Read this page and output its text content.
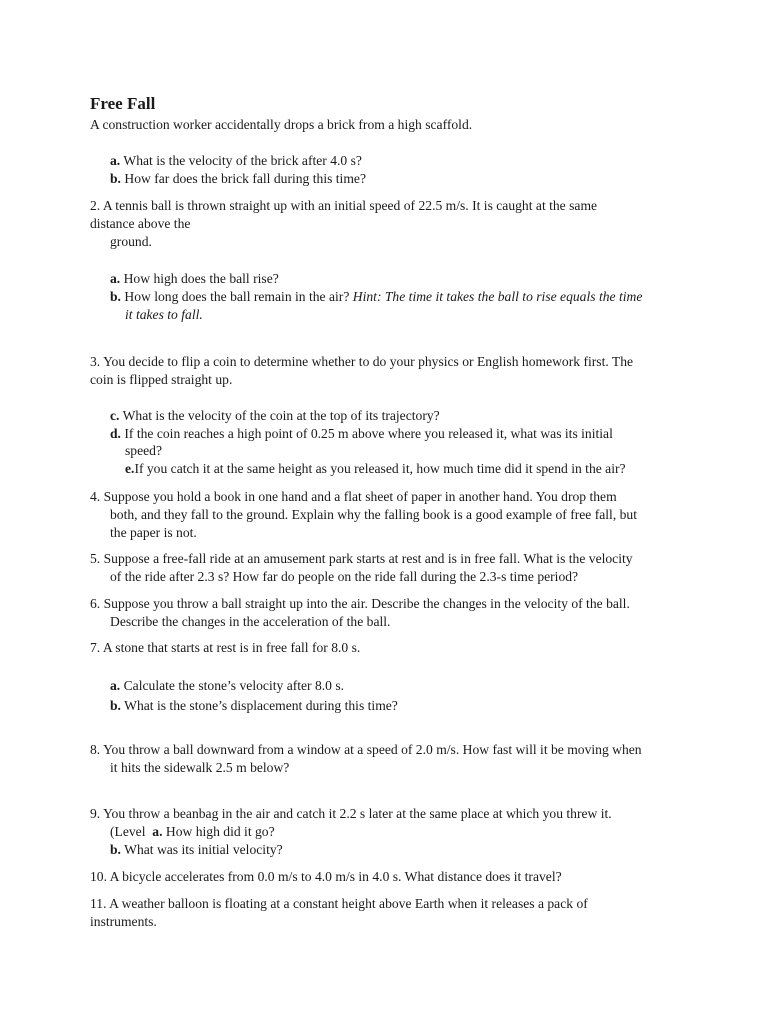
Free Fall
A construction worker accidentally drops a brick from a high scaffold.
a. What is the velocity of the brick after 4.0 s?
b. How far does the brick fall during this time?
2. A tennis ball is thrown straight up with an initial speed of 22.5 m/s. It is caught at the same
distance above the
ground.
a. How high does the ball rise?
b. How long does the ball remain in the air? Hint: The time it takes the ball to rise equals the time
it takes to fall.
3. You decide to flip a coin to determine whether to do your physics or English homework first. The
coin is flipped straight up.
c. What is the velocity of the coin at the top of its trajectory?
d. If the coin reaches a high point of 0.25 m above where you released it, what was its initial
speed?
e.If you catch it at the same height as you released it, how much time did it spend in the air?
4. Suppose you hold a book in one hand and a flat sheet of paper in another hand. You drop them
both, and they fall to the ground. Explain why the falling book is a good example of free fall, but
the paper is not.
5. Suppose a free-fall ride at an amusement park starts at rest and is in free fall. What is the velocity
of the ride after 2.3 s? How far do people on the ride fall during the 2.3-s time period?
6. Suppose you throw a ball straight up into the air. Describe the changes in the velocity of the ball.
Describe the changes in the acceleration of the ball.
7. A stone that starts at rest is in free fall for 8.0 s.
a. Calculate the stone’s velocity after 8.0 s.
b. What is the stone’s displacement during this time?
8. You throw a ball downward from a window at a speed of 2.0 m/s. How fast will it be moving when
it hits the sidewalk 2.5 m below?
9. You throw a beanbag in the air and catch it 2.2 s later at the same place at which you threw it.
(Level a. How high did it go?
b. What was its initial velocity?
10. A bicycle accelerates from 0.0 m/s to 4.0 m/s in 4.0 s. What distance does it travel?
11. A weather balloon is floating at a constant height above Earth when it releases a pack of
instruments.
